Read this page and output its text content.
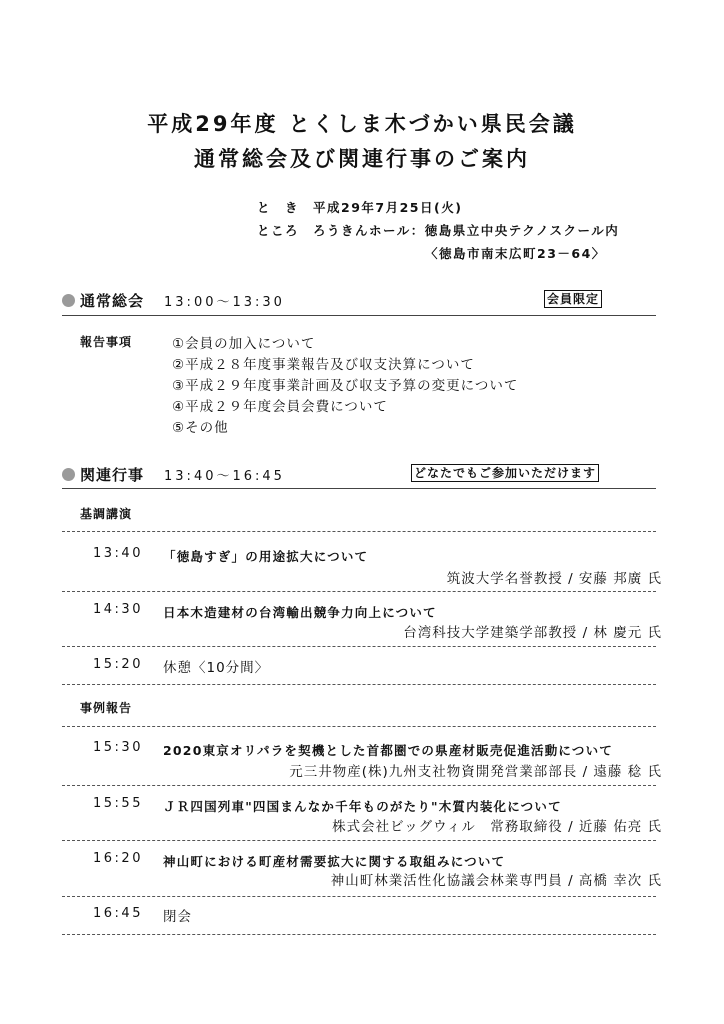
平成29年度 とくしま木づかい県民会議
通常総会及び関連行事のご案内
と　き 平成29年7月25日(火)
ところ ろうきんホール：徳島県立中央テクノスクール内
〈徳島市南末広町23－64〉
通常総会 13:00～13:30	会員限定
報告事項	①会員の加入について
②平成２８年度事業報告及び収支決算について
③平成２９年度事業計画及び収支予算の変更について
④平成２９年度会員会費について
⑤その他
関連行事 13:40～16:45	どなたでもご参加いただけます
基調講演
13:40 「徳島すぎ」の用途拡大について
筑波大学名誉教授 / 安藤 邦廣 氏
14:30 日本木造建材の台湾輸出競争力向上について
台湾科技大学建築学部教授 / 林 慶元 氏
15:20 休憩〈10分間〉
事例報告
15:30 2020東京オリパラを契機とした首都圏での県産材販売促進活動について
元三井物産(株)九州支社物資開発営業部部長 / 遠藤 稔 氏
15:55 ＪＲ四国列車"四国まんなか千年ものがたり"木質内装化について
株式会社ビッグウィル　常務取締役 / 近藤 佑亮 氏
16:20 神山町における町産材需要拡大に関する取組みについて
神山町林業活性化協議会林業専門員 / 高橋 幸次 氏
16:45 閉会
